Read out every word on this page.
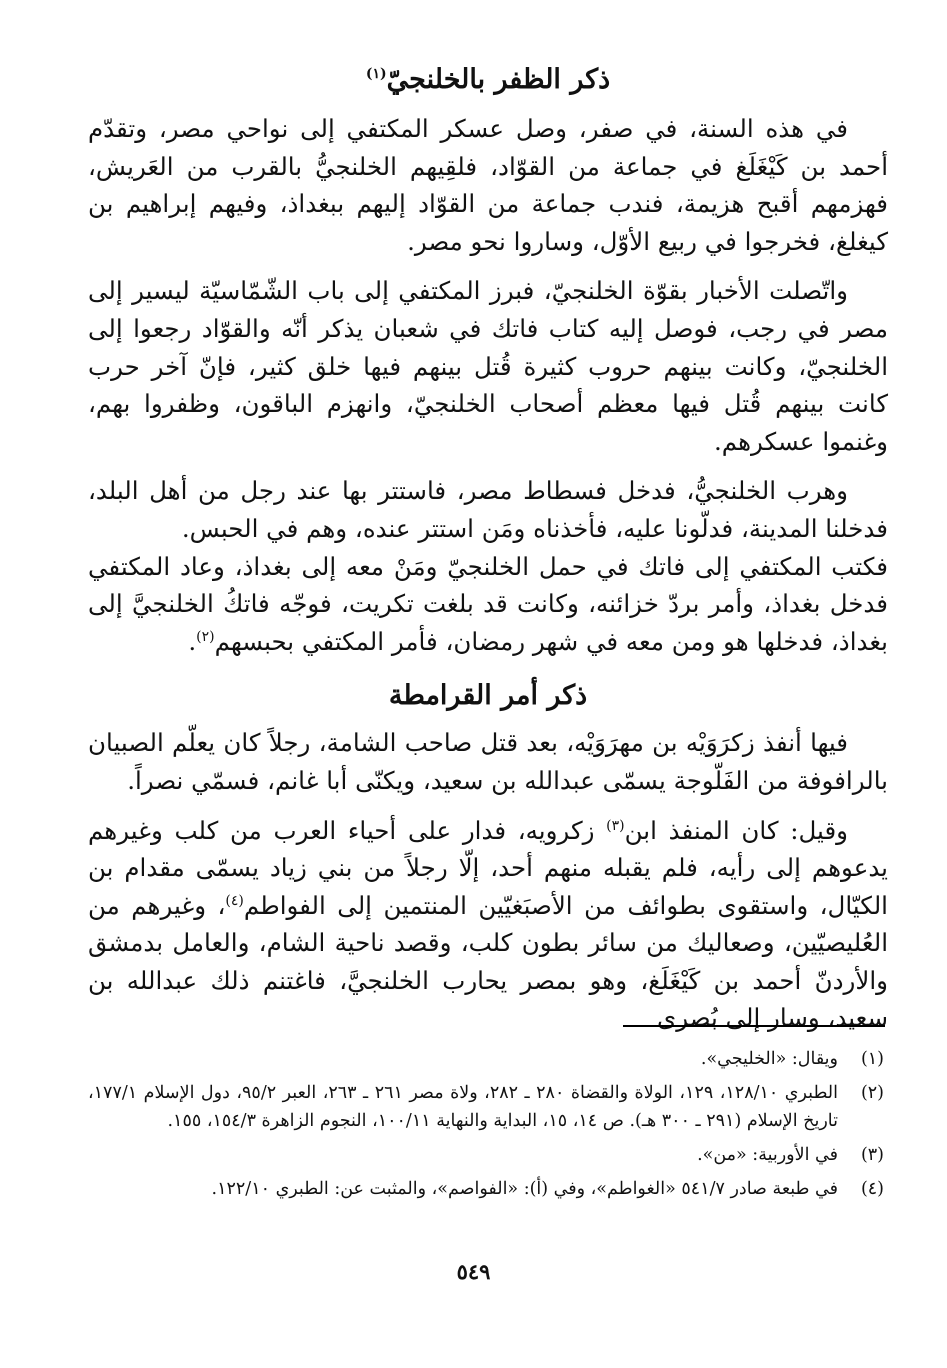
ذكر الظفر بالخلنجيّ$^{(١)}$

في هذه السنة، في صفر، وصل عسكر المكتفي إلى نواحي مصر، وتقدّم أحمد بن كَيْغَلَغ في جماعة من القوّاد، فلقِيهم الخلنجيُّ بالقرب من العَريش، فهزمهم أقبح هزيمة، فندب جماعة من القوّاد إليهم ببغداذ، وفيهم إبراهيم بن كيغلغ، فخرجوا في ربيع الأوّل، وساروا نحو مصر.

واتّصلت الأخبار بقوّة الخلنجيّ، فبرز المكتفي إلى باب الشّمّاسيّة ليسير إلى مصر في رجب، فوصل إليه كتاب فاتك في شعبان يذكر أنّه والقوّاد رجعوا إلى الخلنجيّ، وكانت بينهم حروب كثيرة قُتل بينهم فيها خلق كثير، فإنّ آخر حرب كانت بينهم قُتل فيها معظم أصحاب الخلنجيّ، وانهزم الباقون، وظفروا بهم، وغنموا عسكرهم.

وهرب الخلنجيُّ، فدخل فسطاط مصر، فاستتر بها عند رجل من أهل البلد، فدخلنا المدينة، فدلّونا عليه، فأخذناه ومَن استتر عنده، وهم في الحبس.

فكتب المكتفي إلى فاتك في حمل الخلنجيّ ومَنْ معه إلى بغداذ، وعاد المكتفي فدخل بغداذ، وأمر بردّ خزائنه، وكانت قد بلغت تكريت، فوجّه فاتكُ الخلنجيَّ إلى بغداذ، فدخلها هو ومن معه في شهر رمضان، فأمر المكتفي بحبسهم$^{(٢)}$.

ذكر أمر القرامطة

فيها أنفذ زكرَوَيْه بن مهرَوَيْه، بعد قتل صاحب الشامة، رجلاً كان يعلّم الصبيان بالرافوفة من الفَلّوجة يسمّى عبدالله بن سعيد، ويكنّى أبا غانم، فسمّي نصراً.

وقيل: كان المنفذ ابن$^{(٣)}$ زكرويه، فدار على أحياء العرب من كلب وغيرهم يدعوهم إلى رأيه، فلم يقبله منهم أحد، إلّا رجلاً من بني زياد يسمّى مقدام بن الكيّال، واستقوى بطوائف من الأصبَغيّين المنتمين إلى الفواطم$^{(٤)}$، وغيرهم من العُليصيّين، وصعاليك من سائر بطون كلب، وقصد ناحية الشام، والعامل بدمشق والأردنّ أحمد بن كَيْغَلَغ، وهو بمصر يحارب الخلنجيَّ، فاغتنم ذلك عبدالله بن سعيد، وسار إلى بُصرى

(١)
ويقال: «الخليجي».
(٢)
الطبري ١٢٨/١٠، ١٢٩، الولاة والقضاة ٢٨٠ ـ ٢٨٢، ولاة مصر ٢٦١ ـ ٢٦٣، العبر ٩٥/٢، دول الإسلام ١٧٧/١، تاريخ الإسلام (٢٩١ ـ ٣٠٠ هـ). ص ١٤، ١٥، البداية والنهاية ١٠٠/١١، النجوم الزاهرة ١٥٤/٣، ١٥٥.
(٣)
في الأوربية: «من».
(٤)
في طبعة صادر ٥٤١/٧ «الغواطم»، وفي (أ): «الفواصم»، والمثبت عن: الطبري ١٢٢/١٠.
٥٤٩
